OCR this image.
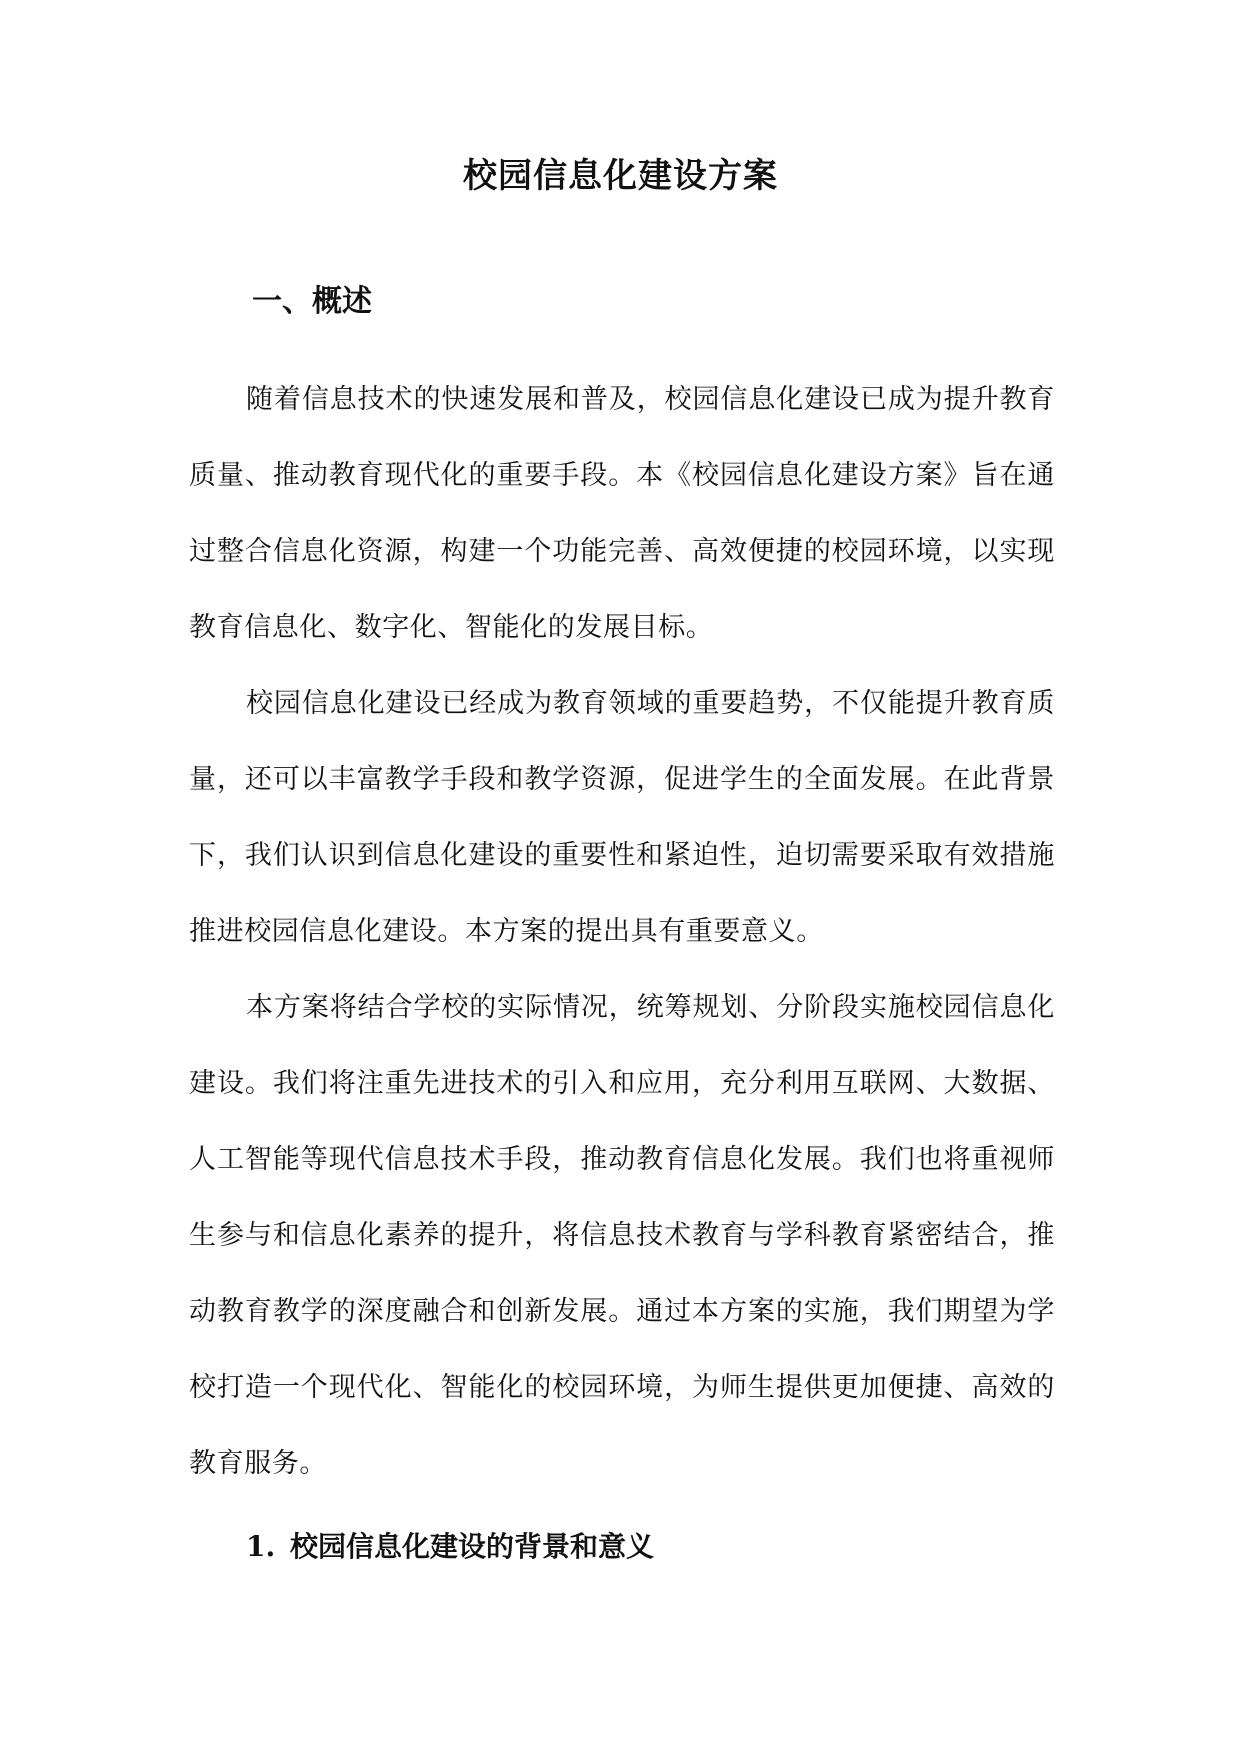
校园信息化建设方案
一、概述

随着信息技术的快速发展和普及，校园信息化建设已成为提升教育质量、推动教育现代化的重要手段。本《校园信息化建设方案》旨在通过整合信息化资源，构建一个功能完善、高效便捷的校园环境，以实现教育信息化、数字化、智能化的发展目标。

校园信息化建设已经成为教育领域的重要趋势，不仅能提升教育质量，还可以丰富教学手段和教学资源，促进学生的全面发展。在此背景下，我们认识到信息化建设的重要性和紧迫性，迫切需要采取有效措施推进校园信息化建设。本方案的提出具有重要意义。

本方案将结合学校的实际情况，统筹规划、分阶段实施校园信息化建设。我们将注重先进技术的引入和应用，充分利用互联网、大数据、人工智能等现代信息技术手段，推动教育信息化发展。我们也将重视师生参与和信息化素养的提升，将信息技术教育与学科教育紧密结合，推动教育教学的深度融合和创新发展。通过本方案的实施，我们期望为学校打造一个现代化、智能化的校园环境，为师生提供更加便捷、高效的教育服务。

1. 校园信息化建设的背景和意义
